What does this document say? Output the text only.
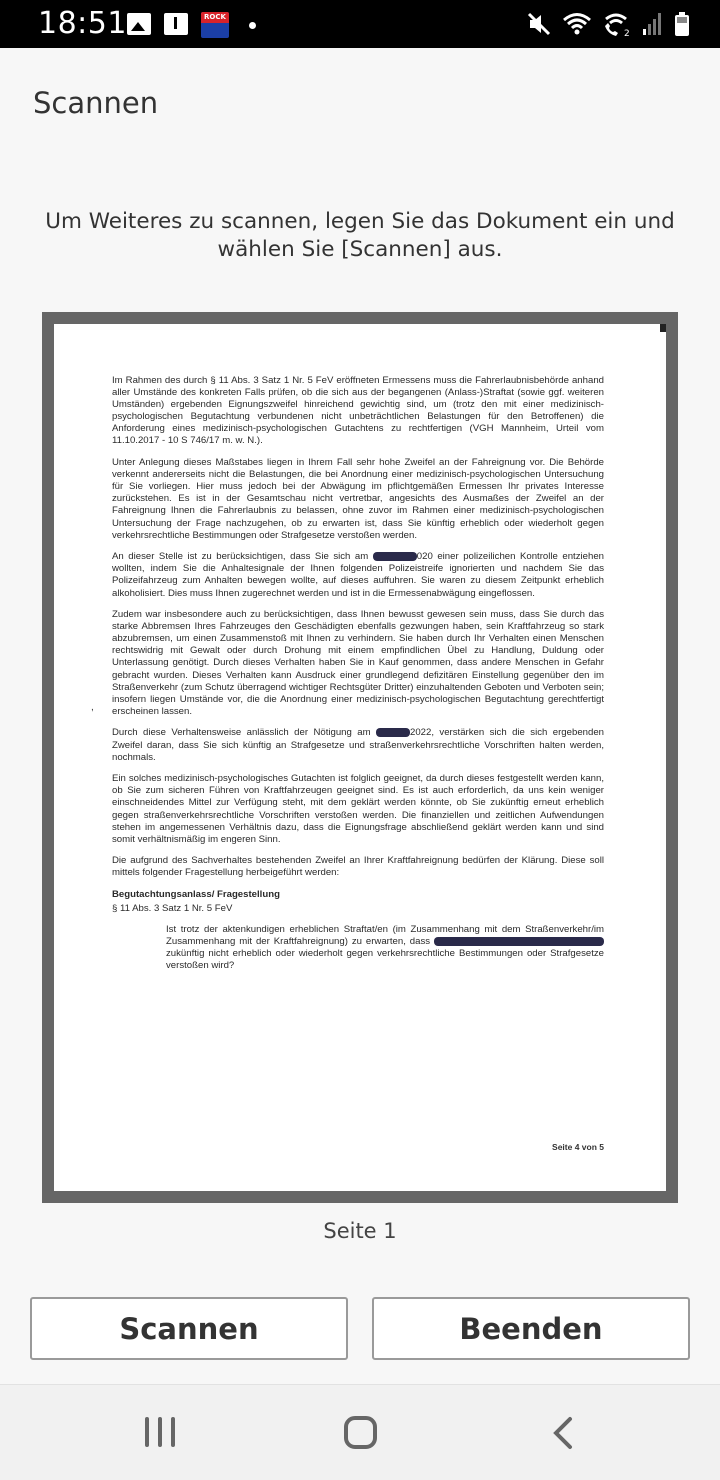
18:51	ROCK
2
Scannen
Um Weiteres zu scannen, legen Sie das Dokument ein und wählen Sie [Scannen] aus.
,

Im Rahmen des durch § 11 Abs. 3 Satz 1 Nr. 5 FeV eröffneten Ermessens muss die Fahrerlaubnisbehörde anhand aller Umstände des konkreten Falls prüfen, ob die sich aus der begangenen (Anlass-)Straftat (sowie ggf. weiteren Umständen) ergebenden Eignungszweifel hinreichend gewichtig sind, um (trotz den mit einer medizinisch-psychologischen Begutachtung verbundenen nicht unbeträchtlichen Belastungen für den Betroffenen) die Anforderung eines medizinisch-psychologischen Gutachtens zu rechtfertigen (VGH Mannheim, Urteil vom 11.10.2017 - 10 S 746/17 m. w. N.).

Unter Anlegung dieses Maßstabes liegen in Ihrem Fall sehr hohe Zweifel an der Fahreignung vor. Die Behörde verkennt andererseits nicht die Belastungen, die bei Anordnung einer medizinisch-psychologischen Untersuchung für Sie vorliegen. Hier muss jedoch bei der Abwägung im pflichtgemäßen Ermessen Ihr privates Interesse zurückstehen. Es ist in der Gesamtschau nicht vertretbar, angesichts des Ausmaßes der Zweifel an der Fahreignung Ihnen die Fahrerlaubnis zu belassen, ohne zuvor im Rahmen einer medizinisch-psychologischen Untersuchung der Frage nachzugehen, ob zu erwarten ist, dass Sie künftig erheblich oder wiederholt gegen verkehrsrechtliche Bestimmungen oder Strafgesetze verstoßen werden.

An dieser Stelle ist zu berücksichtigen, dass Sie sich am	020 einer polizeilichen Kontrolle entziehen wollten, indem Sie die Anhaltesignale der Ihnen folgenden Polizeistreife ignorierten und nachdem Sie das Polizeifahrzeug zum Anhalten bewegen wollte, auf dieses auffuhren. Sie waren zu diesem Zeitpunkt erheblich alkoholisiert. Dies muss Ihnen zugerechnet werden und ist in die Ermessenabwägung eingeflossen.

Zudem war insbesondere auch zu berücksichtigen, dass Ihnen bewusst gewesen sein muss, dass Sie durch das starke Abbremsen Ihres Fahrzeuges den Geschädigten ebenfalls gezwungen haben, sein Kraftfahrzeug so stark abzubremsen, um einen Zusammenstoß mit Ihnen zu verhindern. Sie haben durch Ihr Verhalten einen Menschen rechtswidrig mit Gewalt oder durch Drohung mit einem empfindlichen Übel zu Handlung, Duldung oder Unterlassung genötigt. Durch dieses Verhalten haben Sie in Kauf genommen, dass andere Menschen in Gefahr gebracht wurden. Dieses Verhalten kann Ausdruck einer grundlegend defizitären Einstellung gegenüber den im Straßenverkehr (zum Schutz überragend wichtiger Rechtsgüter Dritter) einzuhaltenden Geboten und Verboten sein; insofern liegen Umstände vor, die die Anordnung einer medizinisch-psychologischen Begutachtung gerechtfertigt erscheinen lassen.

Durch diese Verhaltensweise anlässlich der Nötigung am	2022, verstärken sich die sich ergebenden Zweifel daran, dass Sie sich künftig an Strafgesetze und straßenverkehrsrechtliche Vorschriften halten werden, nochmals.

Ein solches medizinisch-psychologisches Gutachten ist folglich geeignet, da durch dieses festgestellt werden kann, ob Sie zum sicheren Führen von Kraftfahrzeugen geeignet sind. Es ist auch erforderlich, da uns kein weniger einschneidendes Mittel zur Verfügung steht, mit dem geklärt werden könnte, ob Sie zukünftig erneut erheblich gegen straßenverkehrsrechtliche Vorschriften verstoßen werden. Die finanziellen und zeitlichen Aufwendungen stehen im angemessenen Verhältnis dazu, dass die Eignungsfrage abschließend geklärt werden kann und sind somit verhältnismäßig im engeren Sinn.

Die aufgrund des Sachverhaltes bestehenden Zweifel an Ihrer Kraftfahreignung bedürfen der Klärung. Diese soll mittels folgender Fragestellung herbeigeführt werden:

Begutachtungsanlass/ Fragestellung
§ 11 Abs. 3 Satz 1 Nr. 5 FeV

Ist trotz der aktenkundigen erheblichen Straftat/en (im Zusammenhang mit dem Straßenverkehr/im Zusammenhang mit der Kraftfahreignung) zu erwarten, dass  zukünftig nicht erheblich oder wiederholt gegen verkehrsrechtliche Bestimmungen oder Strafgesetze verstoßen wird?

Seite 4 von 5
Seite 1
Scannen	Beenden
